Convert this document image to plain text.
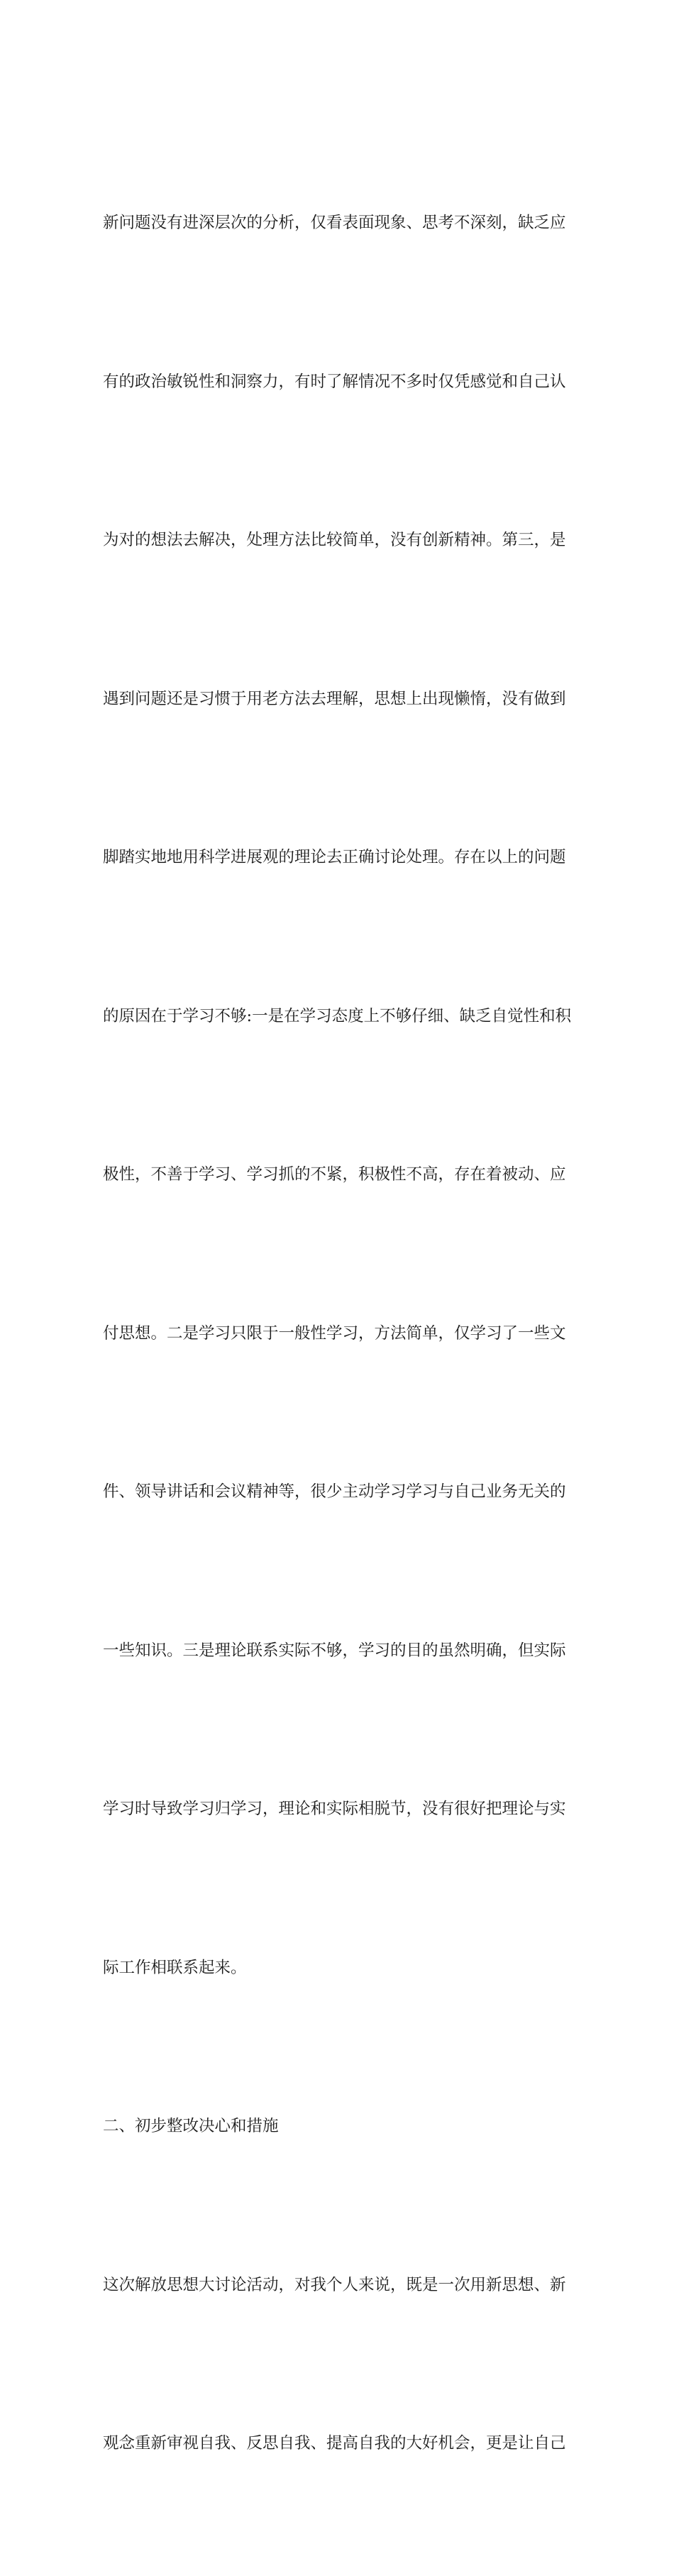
新问题没有进深层次的分析，仅看表面现象、思考不深刻，缺乏应

有的政治敏锐性和洞察力，有时了解情况不多时仅凭感觉和自己认

为对的想法去解决，处理方法比较简单，没有创新精神。第三，是

遇到问题还是习惯于用老方法去理解，思想上出现懒惰，没有做到

脚踏实地地用科学进展观的理论去正确讨论处理。存在以上的问题

的原因在于学习不够:一是在学习态度上不够仔细、缺乏自觉性和积

极性，不善于学习、学习抓的不紧，积极性不高，存在着被动、应

付思想。二是学习只限于一般性学习，方法简单，仅学习了一些文

件、领导讲话和会议精神等，很少主动学习学习与自己业务无关的

一些知识。三是理论联系实际不够，学习的目的虽然明确，但实际

学习时导致学习归学习，理论和实际相脱节，没有很好把理论与实

际工作相联系起来。

二、初步整改决心和措施

这次解放思想大讨论活动，对我个人来说，既是一次用新思想、新

观念重新审视自我、反思自我、提高自我的大好机会，更是让自己
